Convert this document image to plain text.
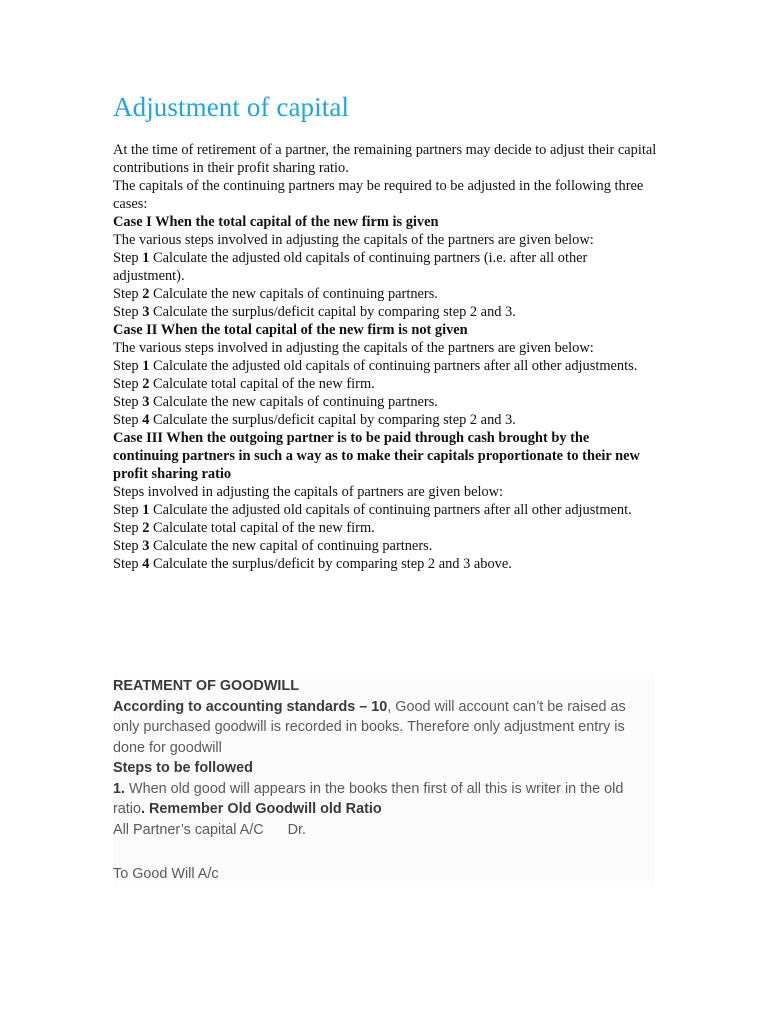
Adjustment of capital

At the time of retirement of a partner, the remaining partners may decide to adjust their capital contributions in their profit sharing ratio.

The capitals of the continuing partners may be required to be adjusted in the following three cases:

Case I When the total capital of the new firm is given

The various steps involved in adjusting the capitals of the partners are given below:

Step 1 Calculate the adjusted old capitals of continuing partners (i.e. after all other adjustment).

Step 2 Calculate the new capitals of continuing partners.

Step 3 Calculate the surplus/deficit capital by comparing step 2 and 3.

Case II When the total capital of the new firm is not given

The various steps involved in adjusting the capitals of the partners are given below:

Step 1 Calculate the adjusted old capitals of continuing partners after all other adjustments.

Step 2 Calculate total capital of the new firm.

Step 3 Calculate the new capitals of continuing partners.

Step 4 Calculate the surplus/deficit capital by comparing step 2 and 3.

Case III When the outgoing partner is to be paid through cash brought by the continuing partners in such a way as to make their capitals proportionate to their new profit sharing ratio

Steps involved in adjusting the capitals of partners are given below:

Step 1 Calculate the adjusted old capitals of continuing partners after all other adjustment.

Step 2 Calculate total capital of the new firm.

Step 3 Calculate the new capital of continuing partners.

Step 4 Calculate the surplus/deficit by comparing step 2 and 3 above.

REATMENT OF GOODWILL

According to accounting standards – 10, Good will account can’t be raised as only purchased goodwill is recorded in books. Therefore only adjustment entry is done for goodwill

Steps to be followed

1. When old good will appears in the books then first of all this is writer in the old ratio. Remember Old Goodwill old Ratio

All Partner’s capital A/C Dr.

To Good Will A/c
